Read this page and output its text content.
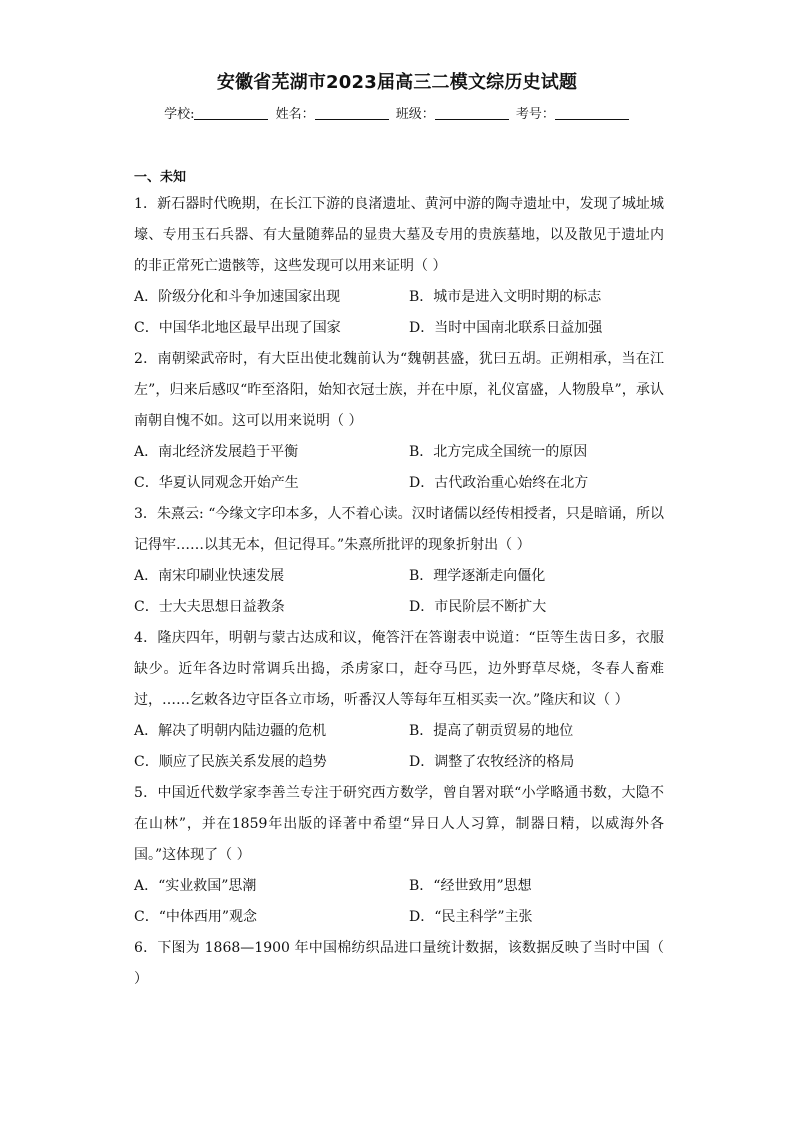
安徽省芜湖市2023届高三二模文综历史试题
学校:	姓名：	班级：	考号：
一、未知

1．新石器时代晚期，在长江下游的良渚遗址、黄河中游的陶寺遗址中，发现了城址城壕、专用玉石兵器、有大量随葬品的显贵大墓及专用的贵族墓地，以及散见于遗址内的非正常死亡遗骸等，这些发现可以用来证明（ ）

A．阶级分化和斗争加速国家出现	B．城市是进入文明时期的标志
C．中国华北地区最早出现了国家	D．当时中国南北联系日益加强

2．南朝梁武帝时，有大臣出使北魏前认为“魏朝甚盛，犹曰五胡。正朔相承，当在江左”，归来后感叹“昨至洛阳，始知衣冠士族，并在中原，礼仪富盛，人物殷阜”，承认南朝自愧不如。这可以用来说明（ ）

A．南北经济发展趋于平衡	B．北方完成全国统一的原因
C．华夏认同观念开始产生	D．古代政治重心始终在北方

3．朱熹云: “今缘文字印本多，人不着心读。汉时诸儒以经传相授者，只是暗诵，所以记得牢……以其无本，但记得耳。”朱熹所批评的现象折射出（ ）

A．南宋印刷业快速发展	B．理学逐渐走向僵化
C．士大夫思想日益教条	D．市民阶层不断扩大

4．隆庆四年，明朝与蒙古达成和议，俺答汗在答谢表中说道：“臣等生齿日多，衣服缺少。近年各边时常调兵出捣，杀虏家口，赶夺马匹，边外野草尽烧，冬春人畜难过，……乞敕各边守臣各立市场，听番汉人等每年互相买卖一次。”隆庆和议（ ）

A．解决了明朝内陆边疆的危机	B．提高了朝贡贸易的地位
C．顺应了民族关系发展的趋势	D．调整了农牧经济的格局

5．中国近代数学家李善兰专注于研究西方数学，曾自署对联“小学略通书数，大隐不在山林”，并在1859年出版的译著中希望“异日人人习算，制器日精，以威海外各国。”这体现了（ ）

A．“实业救国”思潮	B．“经世致用”思想
C．“中体西用”观念	D．“民主科学”主张

6．下图为 1868—1900 年中国棉纺织品进口量统计数据，该数据反映了当时中国（ ）
